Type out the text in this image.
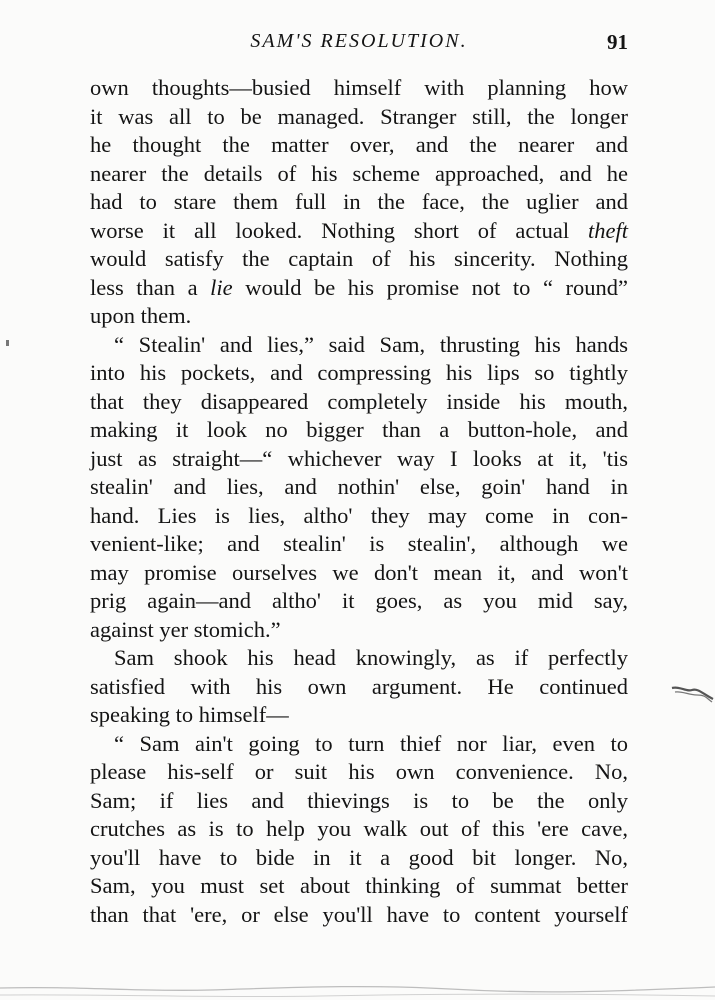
SAM'S RESOLUTION.	91
own thoughts—busied himself with planning how
it was all to be managed. Stranger still, the longer
he thought the matter over, and the nearer and
nearer the details of his scheme approached, and he
had to stare them full in the face, the uglier and
worse it all looked. Nothing short of actual theft
would satisfy the captain of his sincerity. Nothing
less than a lie would be his promise not to “ round”
upon them.
“ Stealin' and lies,” said Sam, thrusting his hands
into his pockets, and compressing his lips so tightly
that they disappeared completely inside his mouth,
making it look no bigger than a button-hole, and
just as straight—“ whichever way I looks at it, 'tis
stealin' and lies, and nothin' else, goin' hand in
hand. Lies is lies, altho' they may come in con-
venient-like; and stealin' is stealin', although we
may promise ourselves we don't mean it, and won't
prig again—and altho' it goes, as you mid say,
against yer stomich.”
Sam shook his head knowingly, as if perfectly
satisfied with his own argument. He continued
speaking to himself—
“ Sam ain't going to turn thief nor liar, even to
please his-self or suit his own convenience. No,
Sam; if lies and thievings is to be the only
crutches as is to help you walk out of this 'ere cave,
you'll have to bide in it a good bit longer. No,
Sam, you must set about thinking of summat better
than that 'ere, or else you'll have to content yourself
